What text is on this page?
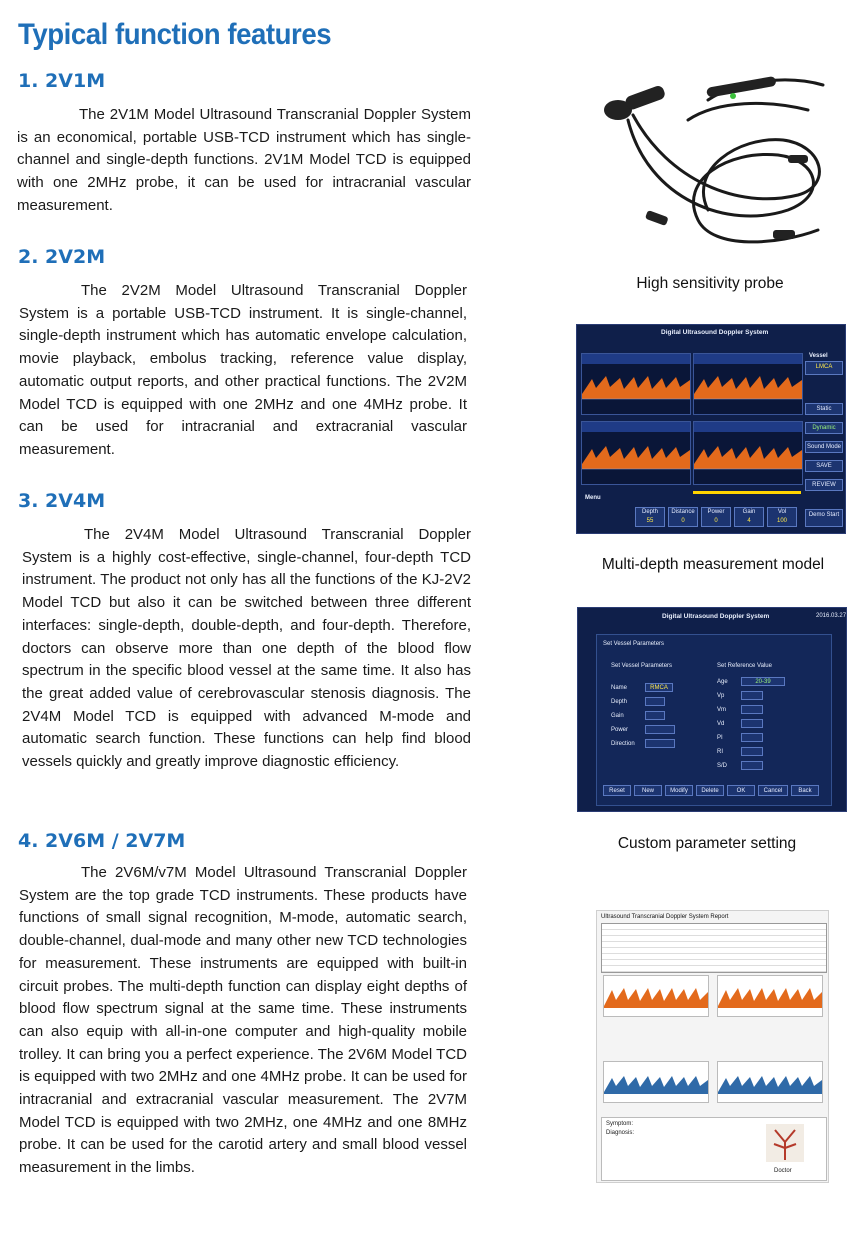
Typical function features
1. 2V1M

The 2V1M Model Ultrasound Transcranial Doppler System is an economical, portable USB-TCD instrument which has single-channel and single-depth functions. 2V1M Model TCD is equipped with one 2MHz probe, it can be used for intracranial vascular measurement.

2. 2V2M

The 2V2M Model Ultrasound Transcranial Doppler System is a portable USB-TCD instrument. It is single-channel, single-depth instrument which has automatic envelope calculation, movie playback, embolus tracking, reference value display, automatic output reports, and other practical functions. The 2V2M Model TCD is equipped with one 2MHz and one 4MHz probe. It can be used for intracranial and extracranial vascular measurement.

3. 2V4M

The 2V4M Model Ultrasound Transcranial Doppler System is a highly cost-effective, single-channel, four-depth TCD instrument. The product not only has all the functions of the KJ-2V2 Model TCD but also it can be switched between three different interfaces: single-depth, double-depth, and four-depth. Therefore, doctors can observe more than one depth of the blood flow spectrum in the specific blood vessel at the same time. It also has the great added value of cerebrovascular stenosis diagnosis. The 2V4M Model TCD is equipped with advanced M-mode and automatic search function. These functions can help find blood vessels quickly and greatly improve diagnostic efficiency.

4. 2V6M / 2V7M

The 2V6M/v7M Model Ultrasound Transcranial Doppler System are the top grade TCD instruments. These products have functions of small signal recognition, M-mode, automatic search, double-channel, dual-mode and many other new TCD technologies for measurement. These instruments are equipped with built-in circuit probes. The multi-depth function can display eight depths of blood flow spectrum signal at the same time. These instruments can also equip with all-in-one computer and high-quality mobile trolley. It can bring you a perfect experience. The 2V6M Model TCD is equipped with two 2MHz and one 4MHz probe. It can be used for intracranial and extracranial vascular measurement. The 2V7M Model TCD is equipped with two 2MHz, one 4MHz and one 8MHz probe. It can be used for the carotid artery and small blood vessel measurement in the limbs.

High sensitivity probe

Digital Ultrasound Doppler System
Vessel
LMCA
Static
Dynamic
Sound Mode
SAVE
REVIEW
Menu
Depth
55
Distance
0
Power
0
Gain
4
Vol
100
Demo Start

Multi-depth measurement model

Digital Ultrasound Doppler System	2016.03.27
Set Vessel Parameters
Set Vessel Parameters	Set Reference Value
Name	RMCA
Depth
Gain
Power
Direction
Age	20-39
Vp
Vm
Vd
PI
RI
S/D
Reset	New	Modify	Delete	OK	Cancel	Back

Custom parameter setting

Ultrasound Transcranial Doppler System Report
Symptom:
Diagnosis:
Doctor
